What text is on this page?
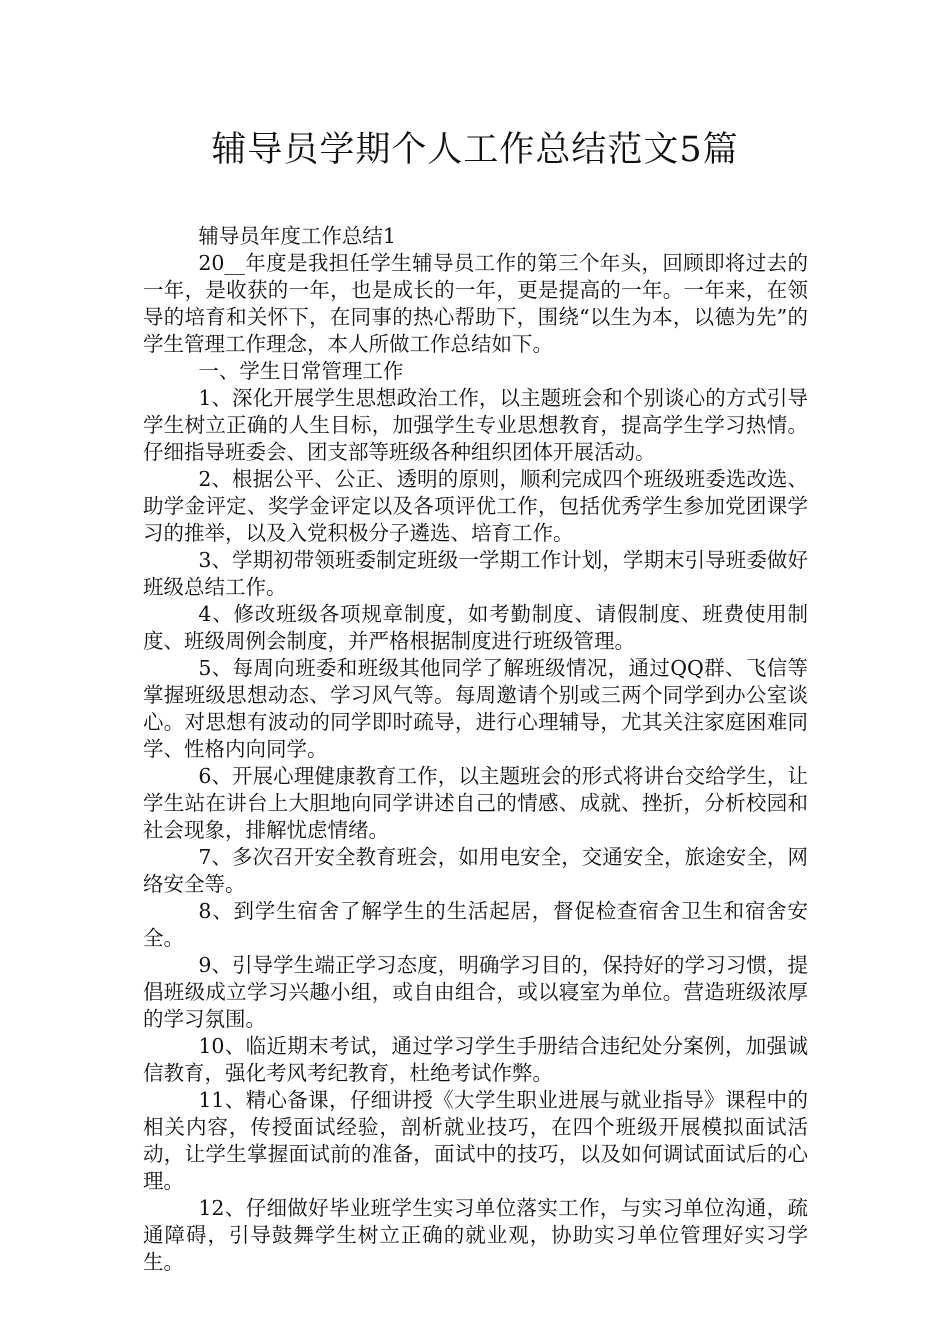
辅导员学期个人工作总结范文5篇

辅导员年度工作总结1

20__年度是我担任学生辅导员工作的第三个年头，回顾即将过去的一年，是收获的一年，也是成长的一年，更是提高的一年。一年来，在领导的培育和关怀下，在同事的热心帮助下，围绕“以生为本，以德为先”的学生管理工作理念，本人所做工作总结如下。

一、学生日常管理工作

1、深化开展学生思想政治工作，以主题班会和个别谈心的方式引导学生树立正确的人生目标，加强学生专业思想教育，提高学生学习热情。仔细指导班委会、团支部等班级各种组织团体开展活动。

2、根据公平、公正、透明的原则，顺利完成四个班级班委选改选、助学金评定、奖学金评定以及各项评优工作，包括优秀学生参加党团课学习的推举，以及入党积极分子遴选、培育工作。

3、学期初带领班委制定班级一学期工作计划，学期末引导班委做好班级总结工作。

4、修改班级各项规章制度，如考勤制度、请假制度、班费使用制度、班级周例会制度，并严格根据制度进行班级管理。

5、每周向班委和班级其他同学了解班级情况，通过QQ群、飞信等掌握班级思想动态、学习风气等。每周邀请个别或三两个同学到办公室谈心。对思想有波动的同学即时疏导，进行心理辅导，尤其关注家庭困难同学、性格内向同学。

6、开展心理健康教育工作，以主题班会的形式将讲台交给学生，让学生站在讲台上大胆地向同学讲述自己的情感、成就、挫折，分析校园和社会现象，排解忧虑情绪。

7、多次召开安全教育班会，如用电安全，交通安全，旅途安全，网络安全等。

8、到学生宿舍了解学生的生活起居，督促检查宿舍卫生和宿舍安全。

9、引导学生端正学习态度，明确学习目的，保持好的学习习惯，提倡班级成立学习兴趣小组，或自由组合，或以寝室为单位。营造班级浓厚的学习氛围。

10、临近期末考试，通过学习学生手册结合违纪处分案例，加强诚信教育，强化考风考纪教育，杜绝考试作弊。

11、精心备课，仔细讲授《大学生职业进展与就业指导》课程中的相关内容，传授面试经验，剖析就业技巧，在四个班级开展模拟面试活动，让学生掌握面试前的准备，面试中的技巧，以及如何调试面试后的心理。

12、仔细做好毕业班学生实习单位落实工作，与实习单位沟通，疏通障碍，引导鼓舞学生树立正确的就业观，协助实习单位管理好实习学生。
